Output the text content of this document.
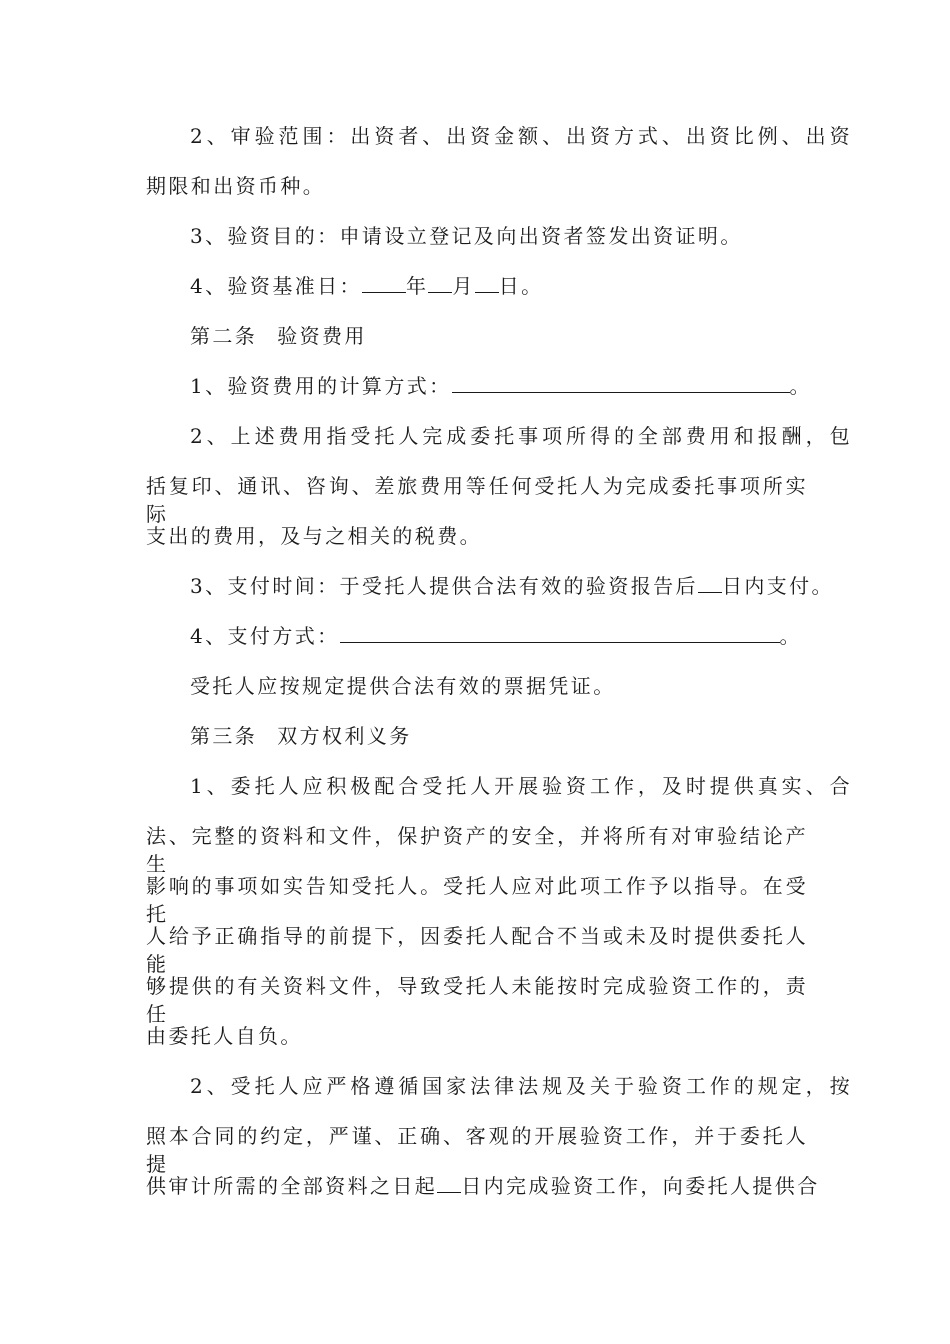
2、审验范围：出资者、出资金额、出资方式、出资比例、出资
期限和出资币种。
3、验资目的：申请设立登记及向出资者签发出资证明。
4、验资基准日： 年 月 日。
第二条 验资费用
1、验资费用的计算方式：	。
2、上述费用指受托人完成委托事项所得的全部费用和报酬，包
括复印、通讯、咨询、差旅费用等任何受托人为完成委托事项所实际
支出的费用，及与之相关的税费。
3、支付时间：于受托人提供合法有效的验资报告后 日内支付。
4、支付方式：	。
受托人应按规定提供合法有效的票据凭证。
第三条 双方权利义务
1、委托人应积极配合受托人开展验资工作，及时提供真实、合
法、完整的资料和文件，保护资产的安全，并将所有对审验结论产生
影响的事项如实告知受托人。受托人应对此项工作予以指导。在受托
人给予正确指导的前提下，因委托人配合不当或未及时提供委托人能
够提供的有关资料文件，导致受托人未能按时完成验资工作的，责任
由委托人自负。
2、受托人应严格遵循国家法律法规及关于验资工作的规定，按
照本合同的约定，严谨、正确、客观的开展验资工作，并于委托人提
供审计所需的全部资料之日起 日内完成验资工作，向委托人提供合
